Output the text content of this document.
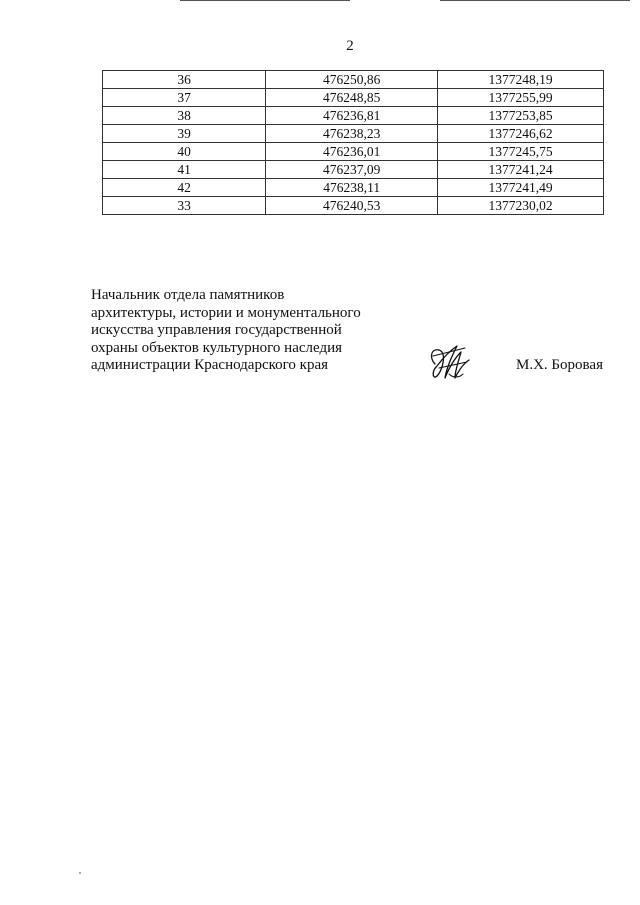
2
36	476250,86	1377248,19
37	476248,85	1377255,99
38	476236,81	1377253,85
39	476238,23	1377246,62
40	476236,01	1377245,75
41	476237,09	1377241,24
42	476238,11	1377241,49
33	476240,53	1377230,02
Начальник отдела памятников
архитектуры, истории и монументального
искусства управления государственной
охраны объектов культурного наследия
администрации Краснодарского края	М.Х. Боровая
